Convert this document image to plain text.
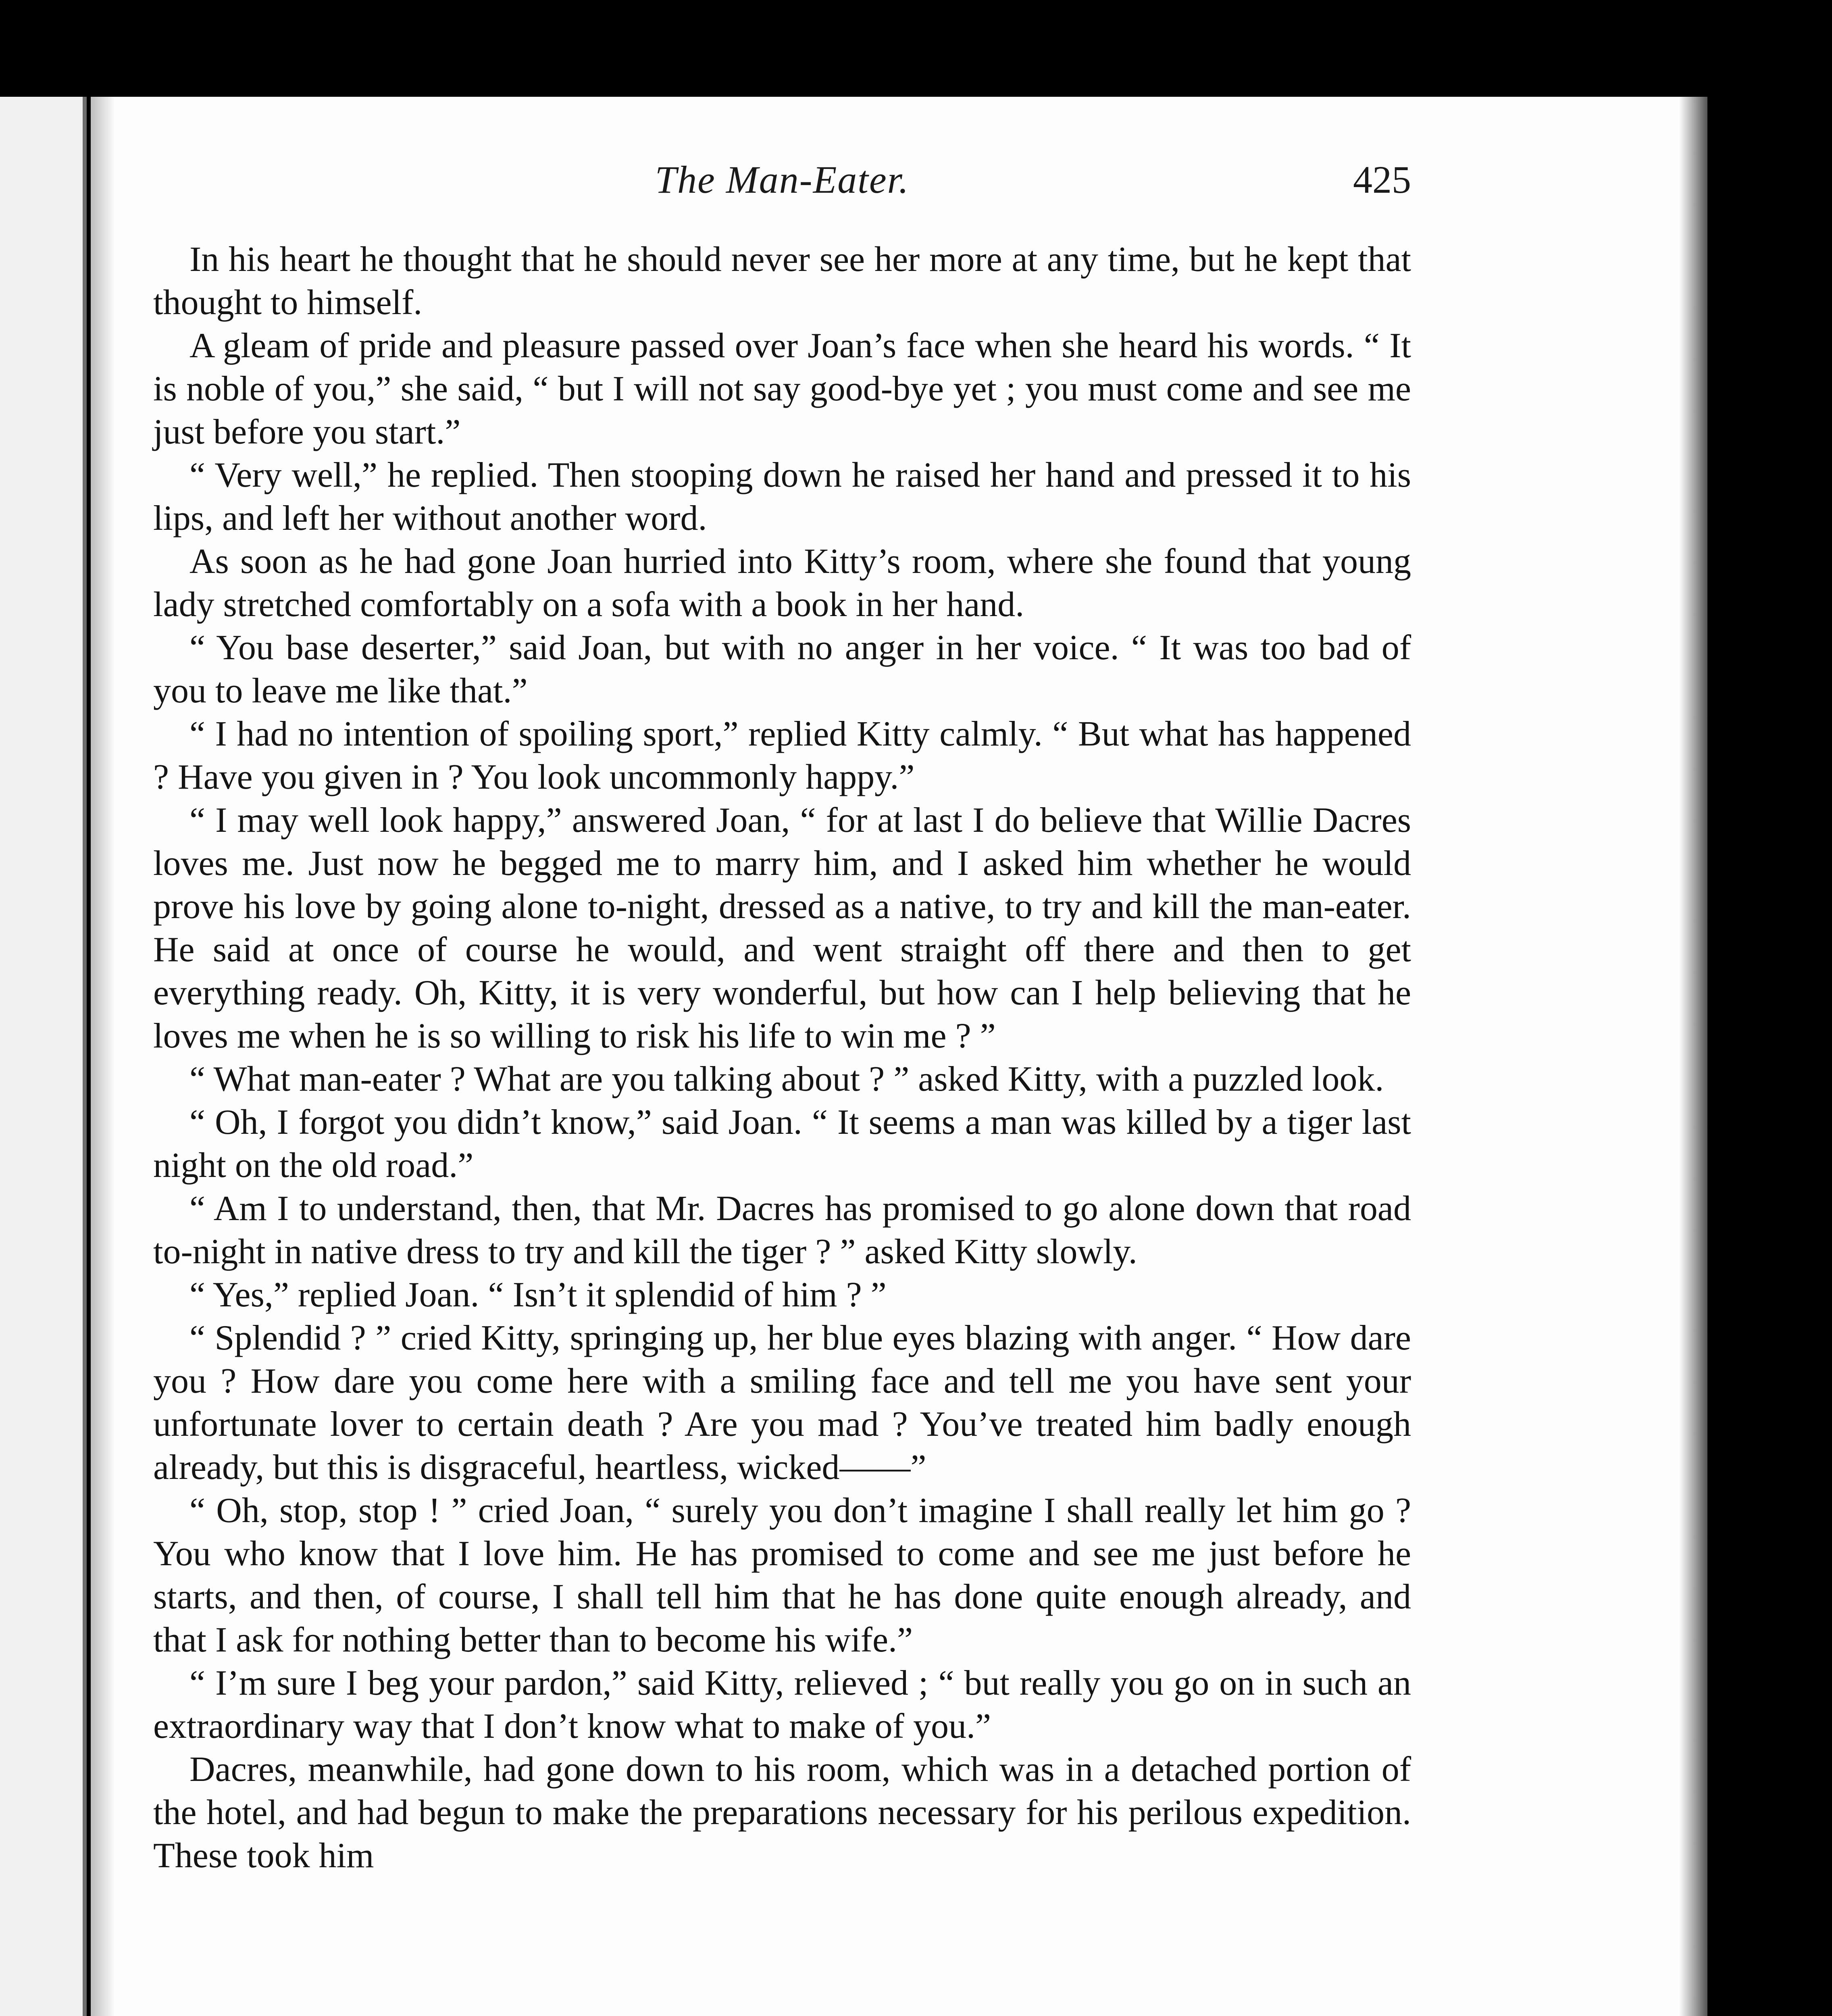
The Man-Eater.	425

In his heart he thought that he should never see her more at any time, but he kept that thought to himself.

A gleam of pride and pleasure passed over Joan’s face when she heard his words. “ It is noble of you,” she said, “ but I will not say good-bye yet ; you must come and see me just before you start.”

“ Very well,” he replied. Then stooping down he raised her hand and pressed it to his lips, and left her without another word.

As soon as he had gone Joan hurried into Kitty’s room, where she found that young lady stretched comfortably on a sofa with a book in her hand.

“ You base deserter,” said Joan, but with no anger in her voice. “ It was too bad of you to leave me like that.”

“ I had no intention of spoiling sport,” replied Kitty calmly. “ But what has happened ? Have you given in ? You look uncommonly happy.”

“ I may well look happy,” answered Joan, “ for at last I do believe that Willie Dacres loves me. Just now he begged me to marry him, and I asked him whether he would prove his love by going alone to-night, dressed as a native, to try and kill the man-eater. He said at once of course he would, and went straight off there and then to get everything ready. Oh, Kitty, it is very wonderful, but how can I help believing that he loves me when he is so willing to risk his life to win me ? ”

“ What man-eater ? What are you talking about ? ” asked Kitty, with a puzzled look.

“ Oh, I forgot you didn’t know,” said Joan. “ It seems a man was killed by a tiger last night on the old road.”

“ Am I to understand, then, that Mr. Dacres has promised to go alone down that road to-night in native dress to try and kill the tiger ? ” asked Kitty slowly.

“ Yes,” replied Joan. “ Isn’t it splendid of him ? ”

“ Splendid ? ” cried Kitty, springing up, her blue eyes blazing with anger. “ How dare you ? How dare you come here with a smiling face and tell me you have sent your unfortunate lover to certain death ? Are you mad ? You’ve treated him badly enough already, but this is disgraceful, heartless, wicked——”

“ Oh, stop, stop ! ” cried Joan, “ surely you don’t imagine I shall really let him go ? You who know that I love him. He has promised to come and see me just before he starts, and then, of course, I shall tell him that he has done quite enough already, and that I ask for nothing better than to become his wife.”

“ I’m sure I beg your pardon,” said Kitty, relieved ; “ but really you go on in such an extraordinary way that I don’t know what to make of you.”

Dacres, meanwhile, had gone down to his room, which was in a detached portion of the hotel, and had begun to make the preparations necessary for his perilous expedition. These took him
